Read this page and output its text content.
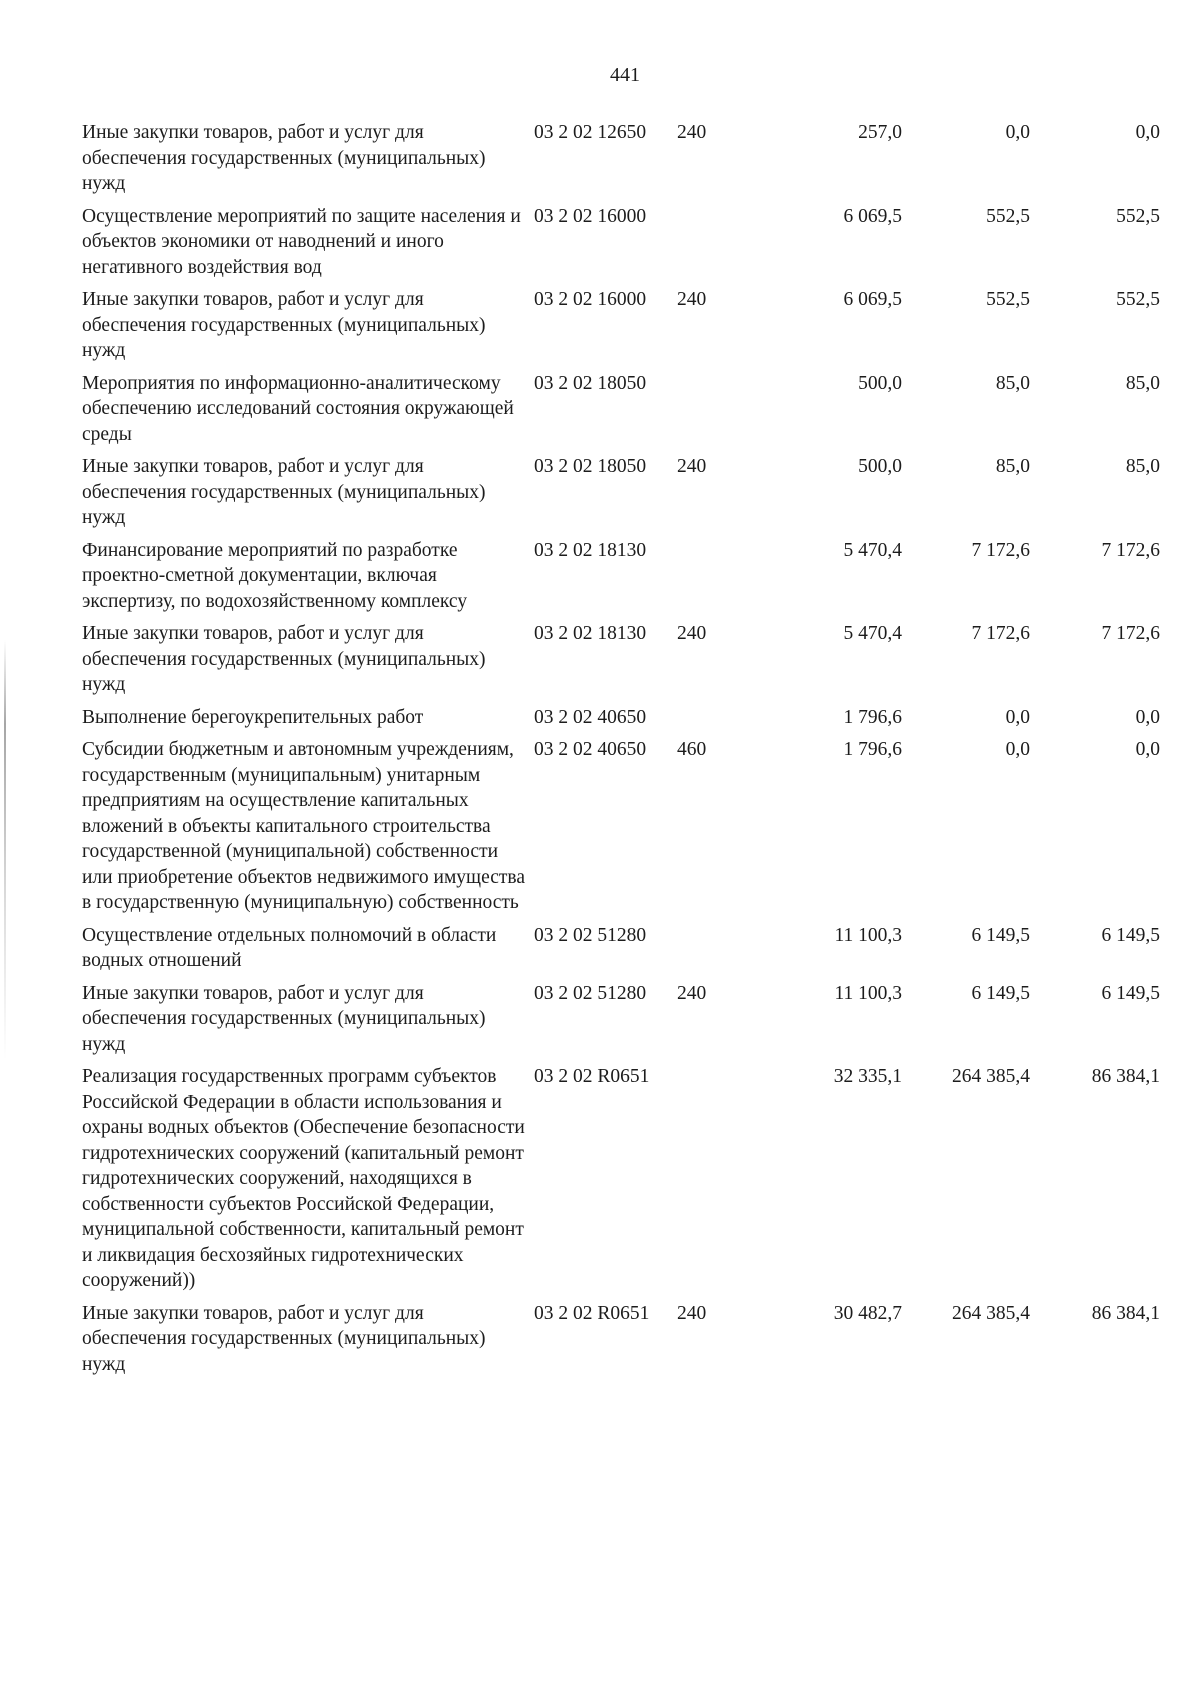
441
Иные закупки товаров, работ и услуг для обеспечения государственных (муниципальных) нужд	03 2 02 12650	240	257,0	0,0	0,0
Осуществление мероприятий по защите населения и объектов экономики от наводнений и иного негативного воздействия вод	03 2 02 16000		6 069,5	552,5	552,5
Иные закупки товаров, работ и услуг для обеспечения государственных (муниципальных) нужд	03 2 02 16000	240	6 069,5	552,5	552,5
Мероприятия по информационно-аналитическому обеспечению исследований состояния окружающей среды	03 2 02 18050		500,0	85,0	85,0
Иные закупки товаров, работ и услуг для обеспечения государственных (муниципальных) нужд	03 2 02 18050	240	500,0	85,0	85,0
Финансирование мероприятий по разработке проектно-сметной документации, включая экспертизу, по водохозяйственному комплексу	03 2 02 18130		5 470,4	7 172,6	7 172,6
Иные закупки товаров, работ и услуг для обеспечения государственных (муниципальных) нужд	03 2 02 18130	240	5 470,4	7 172,6	7 172,6
Выполнение берегоукрепительных работ	03 2 02 40650		1 796,6	0,0	0,0
Субсидии бюджетным и автономным учреждениям, государственным (муниципальным) унитарным предприятиям на осуществление капитальных вложений в объекты капитального строительства государственной (муниципальной) собственности или приобретение объектов недвижимого имущества в государственную (муниципальную) собственность	03 2 02 40650	460	1 796,6	0,0	0,0
Осуществление отдельных полномочий в области водных отношений	03 2 02 51280		11 100,3	6 149,5	6 149,5
Иные закупки товаров, работ и услуг для обеспечения государственных (муниципальных) нужд	03 2 02 51280	240	11 100,3	6 149,5	6 149,5
Реализация государственных программ субъектов Российской Федерации в области использования и охраны водных объектов (Обеспечение безопасности гидротехнических сооружений (капитальный ремонт гидротехнических сооружений, находящихся в собственности субъектов Российской Федерации, муниципальной собственности, капитальный ремонт и ликвидация бесхозяйных гидротехнических сооружений))	03 2 02 R0651		32 335,1	264 385,4	86 384,1
Иные закупки товаров, работ и услуг для обеспечения государственных (муниципальных) нужд	03 2 02 R0651	240	30 482,7	264 385,4	86 384,1
